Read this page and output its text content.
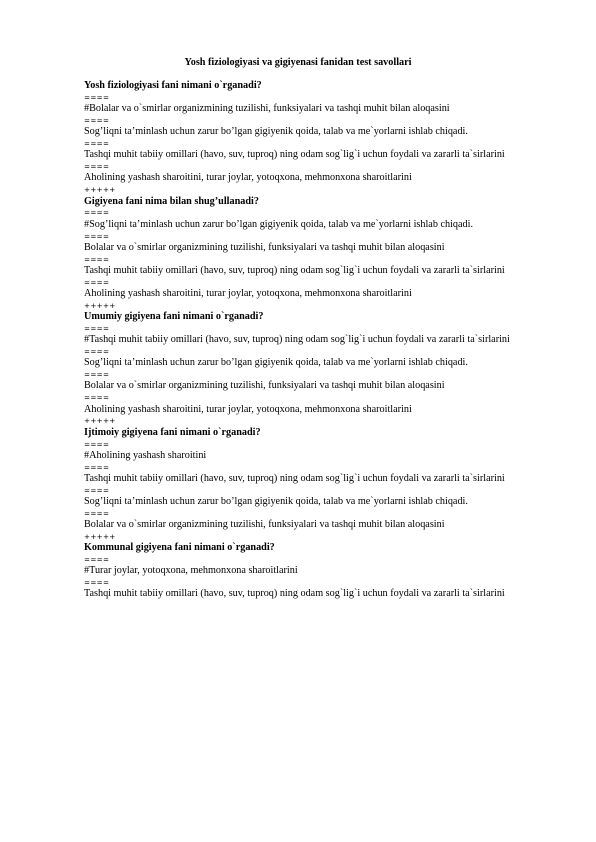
Yosh fiziologiyasi va gigiyenasi fanidan test savollari

Yosh fiziologiyasi fani nimani o`rganadi?

====

#Bolalar va o`smirlar organizmining tuzilishi, funksiyalari va tashqi muhit bilan aloqasini

====

Sog’liqni ta’minlash uchun zarur bo’lgan gigiyenik qoida, talab va me`yorlarni ishlab chiqadi.

====

Tashqi muhit tabiiy omillari (havo, suv, tuproq) ning odam sog`lig`i uchun foydali va zararli ta`sirlarini

====

Aholining yashash sharoitini, turar joylar, yotoqxona, mehmonxona sharoitlarini

+++++

Gigiyena fani nima bilan shug’ullanadi?

====

#Sog’liqni ta’minlash uchun zarur bo’lgan gigiyenik qoida, talab va me`yorlarni ishlab chiqadi.

====

Bolalar va o`smirlar organizmining tuzilishi, funksiyalari va tashqi muhit bilan aloqasini

====

Tashqi muhit tabiiy omillari (havo, suv, tuproq) ning odam sog`lig`i uchun foydali va zararli ta`sirlarini

====

Aholining yashash sharoitini, turar joylar, yotoqxona, mehmonxona sharoitlarini

+++++

Umumiy gigiyena fani nimani o`rganadi?

====

#Tashqi muhit tabiiy omillari (havo, suv, tuproq) ning odam sog`lig`i uchun foydali va zararli ta`sirlarini

====

Sog’liqni ta’minlash uchun zarur bo’lgan gigiyenik qoida, talab va me`yorlarni ishlab chiqadi.

====

Bolalar va o`smirlar organizmining tuzilishi, funksiyalari va tashqi muhit bilan aloqasini

====

Aholining yashash sharoitini, turar joylar, yotoqxona, mehmonxona sharoitlarini

+++++

Ijtimoiy gigiyena fani nimani o`rganadi?

====

#Aholining yashash sharoitini

====

Tashqi muhit tabiiy omillari (havo, suv, tuproq) ning odam sog`lig`i uchun foydali va zararli ta`sirlarini

====

Sog’liqni ta’minlash uchun zarur bo’lgan gigiyenik qoida, talab va me`yorlarni ishlab chiqadi.

====

Bolalar va o`smirlar organizmining tuzilishi, funksiyalari va tashqi muhit bilan aloqasini

+++++

Kommunal gigiyena fani nimani o`rganadi?

====

#Turar joylar, yotoqxona, mehmonxona sharoitlarini

====

Tashqi muhit tabiiy omillari (havo, suv, tuproq) ning odam sog`lig`i uchun foydali va zararli ta`sirlarini
